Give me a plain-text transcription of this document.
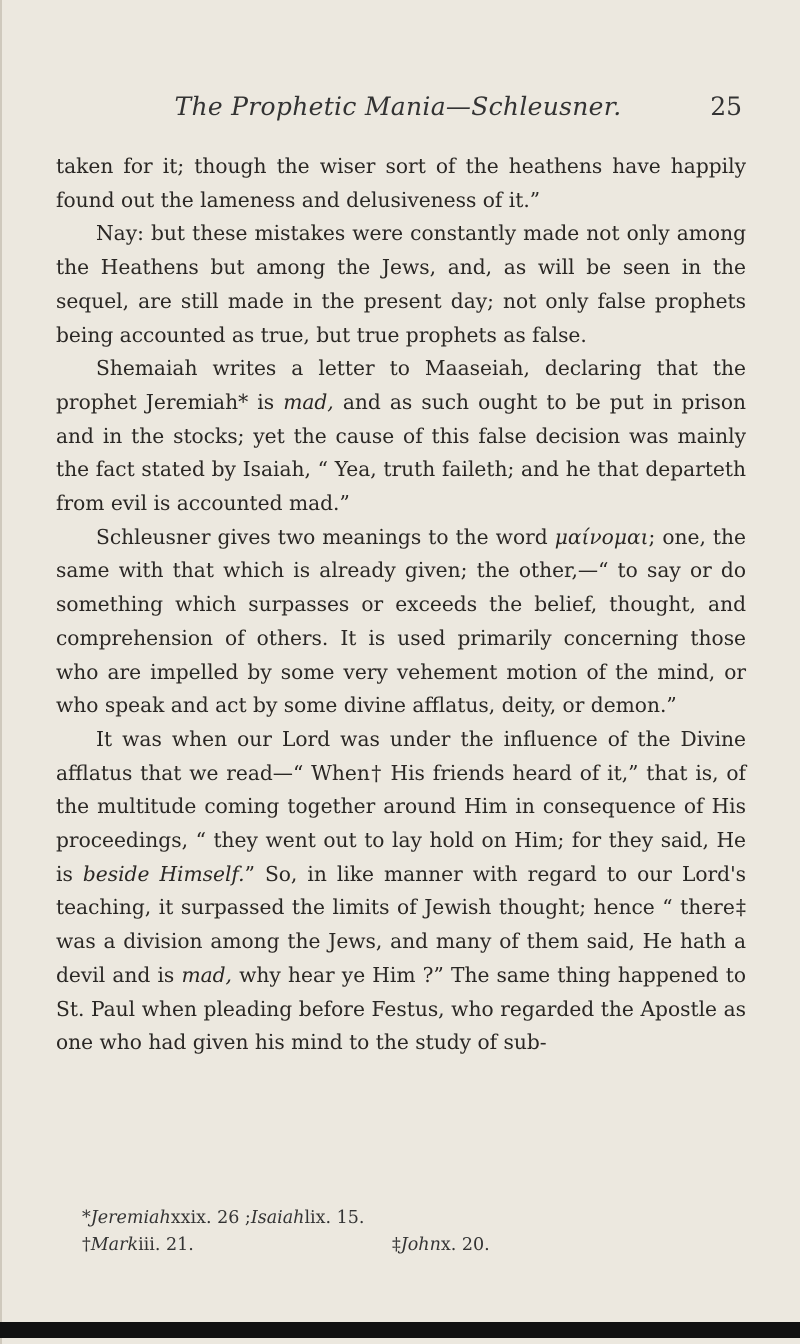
The Prophetic Mania—Schleusner.	25

taken for it; though the wiser sort of the heathens have happily found out the lameness and delusiveness of it.”

Nay: but these mistakes were constantly made not only among the Heathens but among the Jews, and, as will be seen in the sequel, are still made in the present day; not only false prophets being accounted as true, but true prophets as false.

Shemaiah writes a letter to Maaseiah, declaring that the prophet Jeremiah* is mad, and as such ought to be put in prison and in the stocks; yet the cause of this false decision was mainly the fact stated by Isaiah, “ Yea, truth faileth; and he that departeth from evil is accounted mad.”

Schleusner gives two meanings to the word μαίνομαι; one, the same with that which is already given; the other,—“ to say or do something which surpasses or exceeds the belief, thought, and comprehension of others. It is used primarily concerning those who are impelled by some very vehement motion of the mind, or who speak and act by some divine afflatus, deity, or demon.”

It was when our Lord was under the influence of the Divine afflatus that we read—“ When† His friends heard of it,” that is, of the multitude coming together around Him in consequence of His proceedings, “ they went out to lay hold on Him; for they said, He is beside Himself.” So, in like manner with regard to our Lord's teaching, it surpassed the limits of Jewish thought; hence “ there‡ was a division among the Jews, and many of them said, He hath a devil and is mad, why hear ye Him ?” The same thing happened to St. Paul when pleading before Festus, who regarded the Apostle as one who had given his mind to the study of sub-

*Jeremiahxxix. 26 ;Isaiahlix. 15.
†Markiii. 21.	‡Johnx. 20.
